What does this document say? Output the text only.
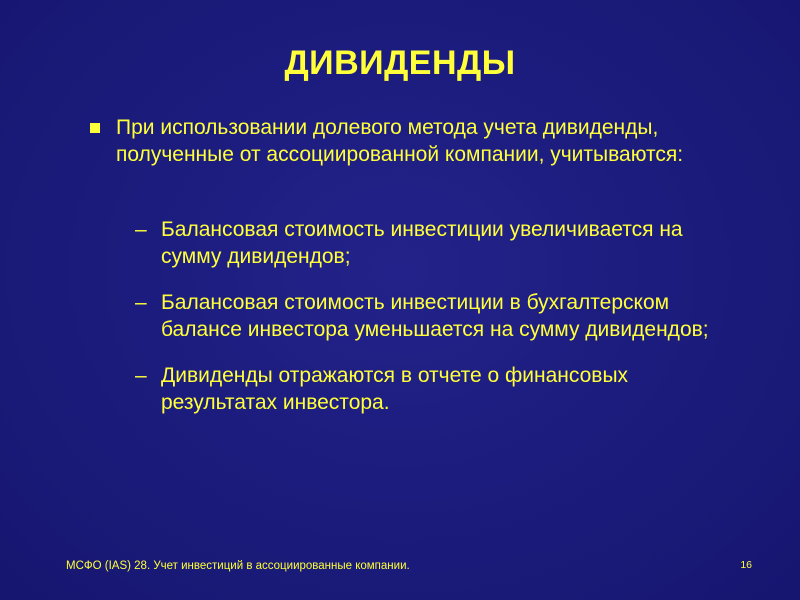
ДИВИДЕНДЫ

При использовании долевого метода учета дивиденды, полученные от ассоциированной компании, учитываются:

– Балансовая стоимость инвестиции увеличивается на сумму дивидендов;

– Балансовая стоимость инвестиции в бухгалтерском балансе инвестора уменьшается на сумму дивидендов;

– Дивиденды отражаются в отчете о финансовых результатах инвестора.

МСФО (IAS) 28. Учет инвестиций в ассоциированные компании.	16
